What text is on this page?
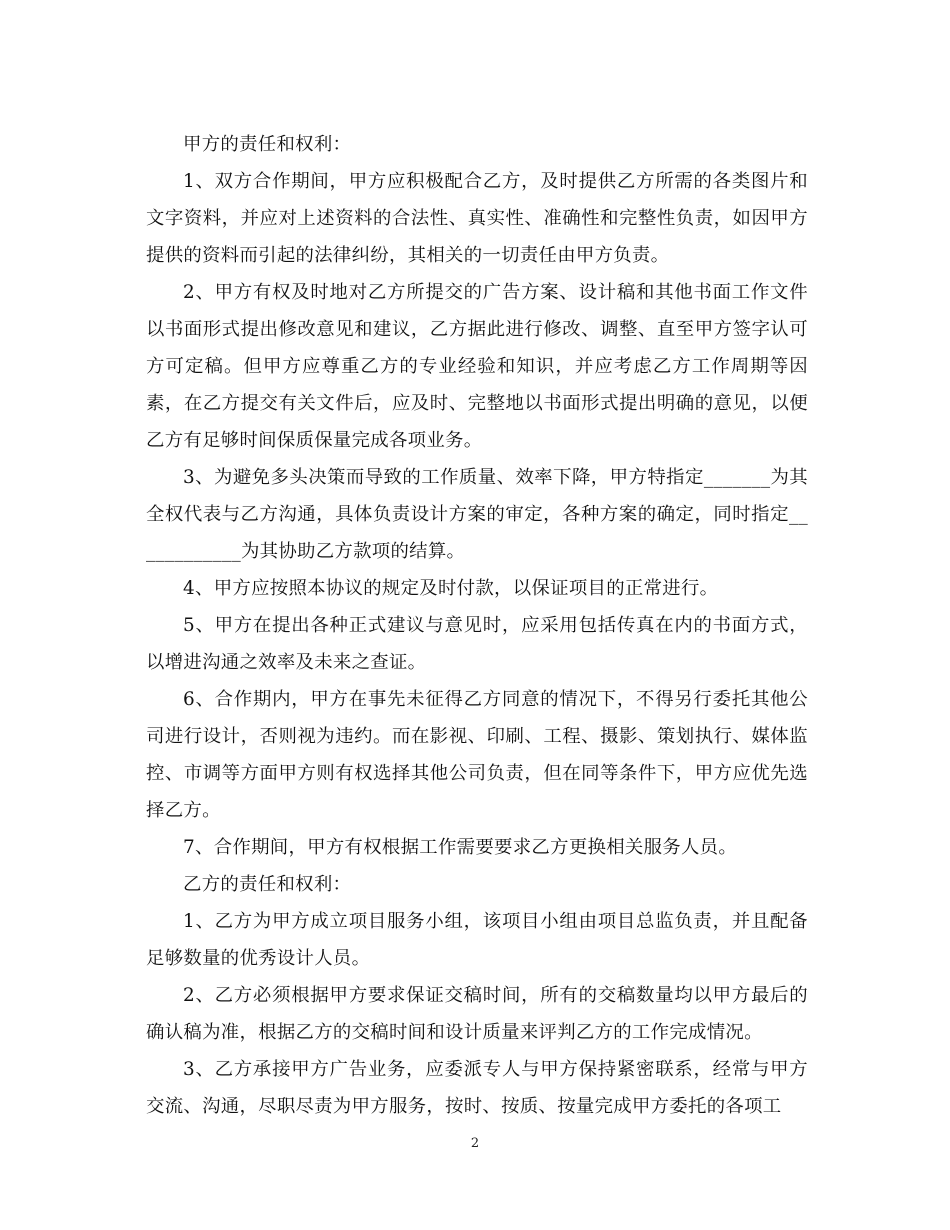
甲方的责任和权利：

1、双方合作期间，甲方应积极配合乙方，及时提供乙方所需的各类图片和文字资料，并应对上述资料的合法性、真实性、准确性和完整性负责，如因甲方提供的资料而引起的法律纠纷，其相关的一切责任由甲方负责。

2、甲方有权及时地对乙方所提交的广告方案、设计稿和其他书面工作文件以书面形式提出修改意见和建议，乙方据此进行修改、调整、直至甲方签字认可方可定稿。但甲方应尊重乙方的专业经验和知识，并应考虑乙方工作周期等因素，在乙方提交有关文件后，应及时、完整地以书面形式提出明确的意见，以便乙方有足够时间保质保量完成各项业务。

3、为避免多头决策而导致的工作质量、效率下降，甲方特指定_______为其全权代表与乙方沟通，具体负责设计方案的审定，各种方案的确定，同时指定____________为其协助乙方款项的结算。

4、甲方应按照本协议的规定及时付款，以保证项目的正常进行。

5、甲方在提出各种正式建议与意见时，应采用包括传真在内的书面方式，以增进沟通之效率及未来之查证。

6、合作期内，甲方在事先未征得乙方同意的情况下，不得另行委托其他公司进行设计，否则视为违约。而在影视、印刷、工程、摄影、策划执行、媒体监控、市调等方面甲方则有权选择其他公司负责，但在同等条件下，甲方应优先选择乙方。

7、合作期间，甲方有权根据工作需要要求乙方更换相关服务人员。

乙方的责任和权利：

1、乙方为甲方成立项目服务小组，该项目小组由项目总监负责，并且配备足够数量的优秀设计人员。

2、乙方必须根据甲方要求保证交稿时间，所有的交稿数量均以甲方最后的确认稿为准，根据乙方的交稿时间和设计质量来评判乙方的工作完成情况。

3、乙方承接甲方广告业务，应委派专人与甲方保持紧密联系，经常与甲方交流、沟通，尽职尽责为甲方服务，按时、按质、按量完成甲方委托的各项工

2
